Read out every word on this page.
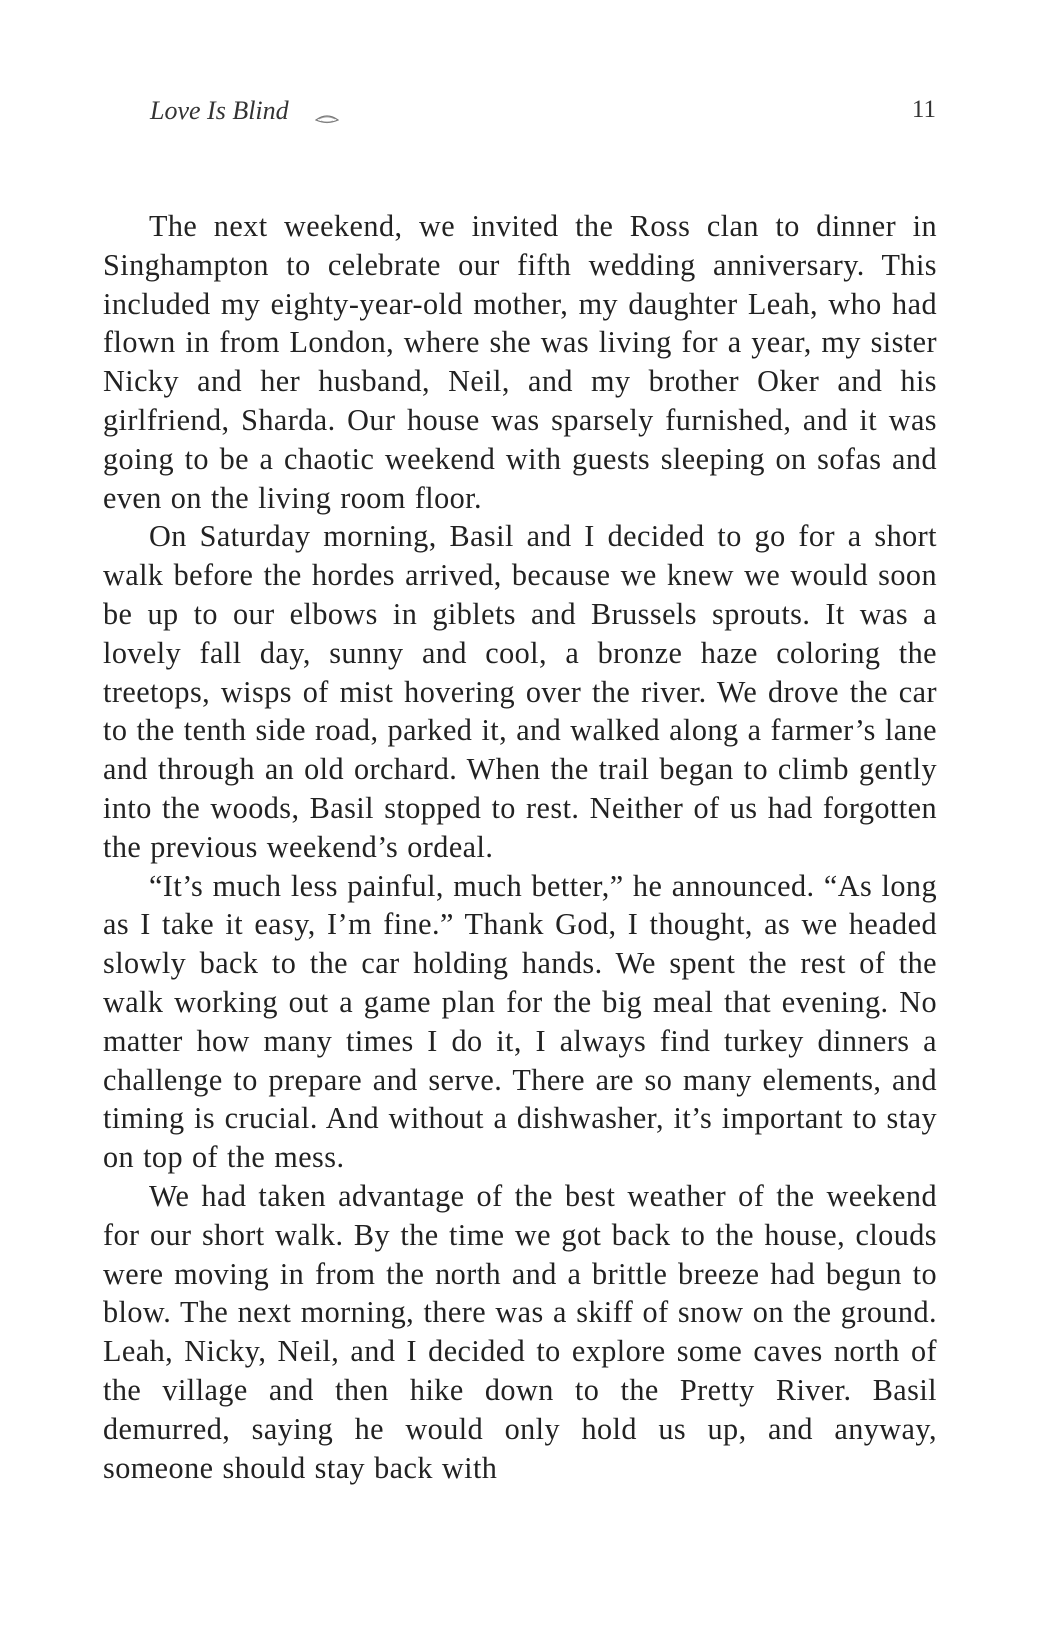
Love Is Blind	11

The next weekend, we invited the Ross clan to dinner in Singhampton to celebrate our fifth wedding anniversary. This included my eighty-year-old mother, my daughter Leah, who had flown in from London, where she was living for a year, my sister Nicky and her husband, Neil, and my brother Oker and his girlfriend, Sharda. Our house was sparsely furnished, and it was going to be a chaotic weekend with guests sleeping on sofas and even on the living room floor.

On Saturday morning, Basil and I decided to go for a short walk before the hordes arrived, because we knew we would soon be up to our elbows in giblets and Brussels sprouts. It was a lovely fall day, sunny and cool, a bronze haze coloring the treetops, wisps of mist hovering over the river. We drove the car to the tenth side road, parked it, and walked along a farmer’s lane and through an old orchard. When the trail began to climb gently into the woods, Basil stopped to rest. Neither of us had forgotten the previous weekend’s ordeal.

“It’s much less painful, much better,” he announced. “As long as I take it easy, I’m fine.” Thank God, I thought, as we headed slowly back to the car holding hands. We spent the rest of the walk working out a game plan for the big meal that evening. No matter how many times I do it, I always find turkey dinners a challenge to prepare and serve. There are so many elements, and timing is crucial. And without a dishwasher, it’s important to stay on top of the mess.

We had taken advantage of the best weather of the weekend for our short walk. By the time we got back to the house, clouds were moving in from the north and a brittle breeze had begun to blow. The next morning, there was a skiff of snow on the ground. Leah, Nicky, Neil, and I decided to explore some caves north of the village and then hike down to the Pretty River. Basil demurred, saying he would only hold us up, and anyway, someone should stay back with
